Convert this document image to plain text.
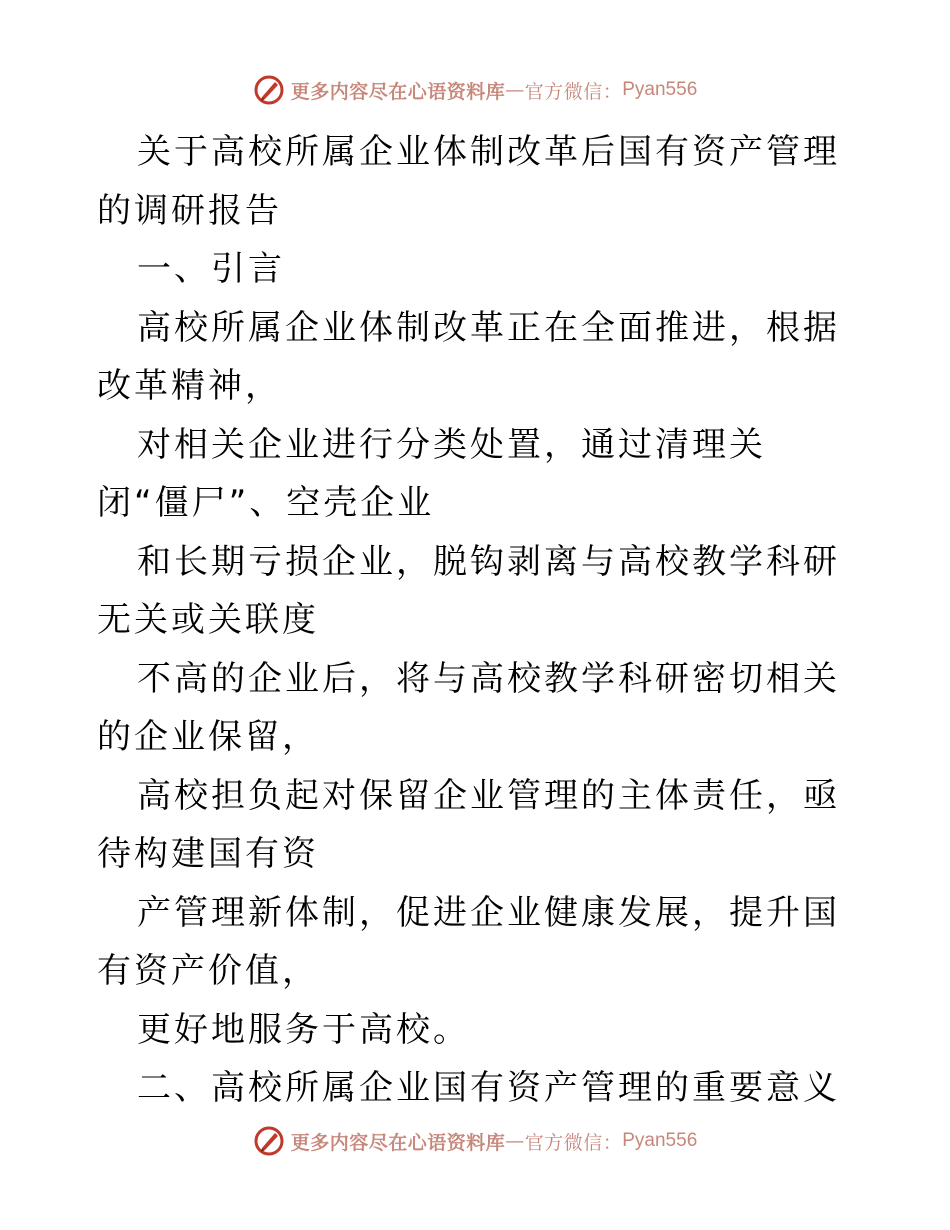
更多内容尽在心语资料库 — 官方微信： Pyan556

关于高校所属企业体制改革后国有资产管理的调研报告

一、引言

高校所属企业体制改革正在全面推进，根据改革精神，

对相关企业进行分类处置，通过清理关闭“僵尸”、空壳企业

和长期亏损企业，脱钩剥离与高校教学科研无关或关联度

不高的企业后，将与高校教学科研密切相关的企业保留，

高校担负起对保留企业管理的主体责任，亟待构建国有资

产管理新体制，促进企业健康发展，提升国有资产价值，

更好地服务于高校。

二、高校所属企业国有资产管理的重要意义

更多内容尽在心语资料库 — 官方微信： Pyan556
